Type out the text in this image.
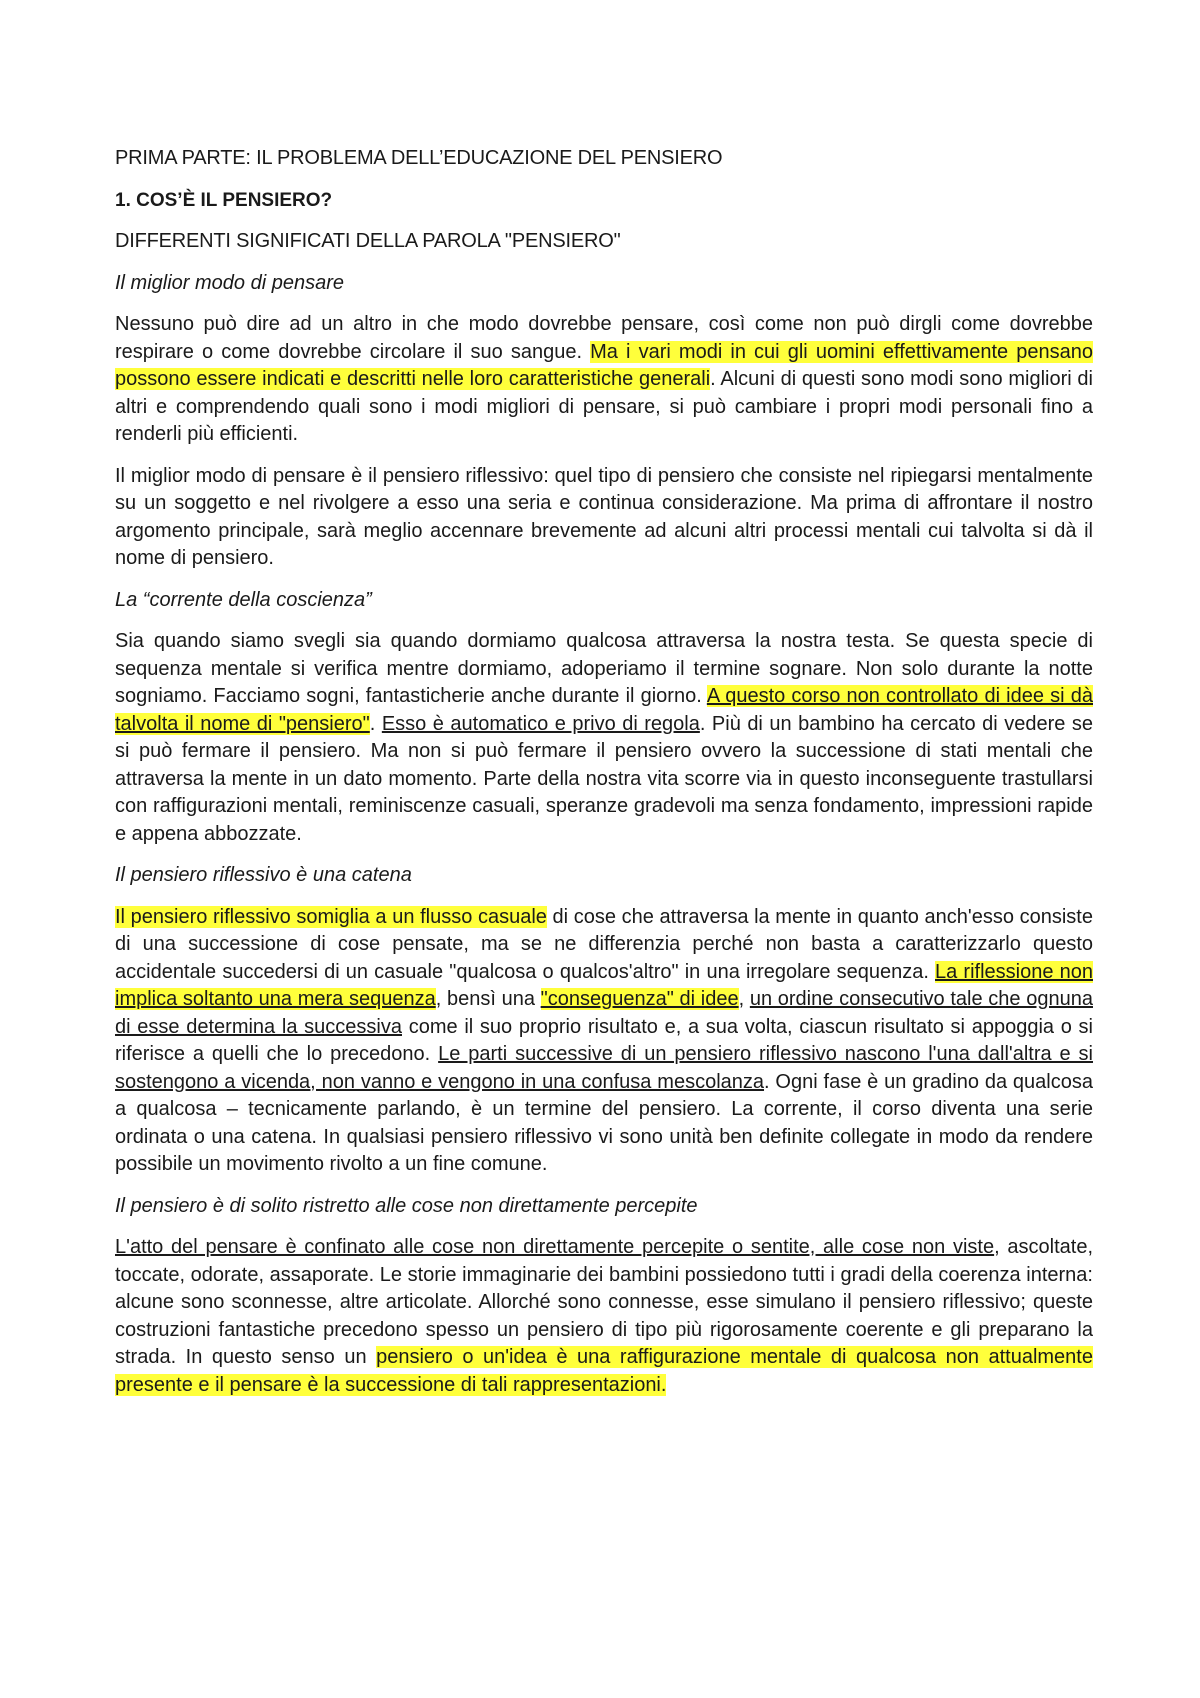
PRIMA PARTE: IL PROBLEMA DELL’EDUCAZIONE DEL PENSIERO
1. COS’È IL PENSIERO?
DIFFERENTI SIGNIFICATI DELLA PAROLA "PENSIERO"
Il miglior modo di pensare

Nessuno può dire ad un altro in che modo dovrebbe pensare, così come non può dirgli come dovrebbe respirare o come dovrebbe circolare il suo sangue. Ma i vari modi in cui gli uomini effettivamente pensano possono essere indicati e descritti nelle loro caratteristiche generali. Alcuni di questi sono modi sono migliori di altri e comprendendo quali sono i modi migliori di pensare, si può cambiare i propri modi personali fino a renderli più efficienti.

Il miglior modo di pensare è il pensiero riflessivo: quel tipo di pensiero che consiste nel ripiegarsi mentalmente su un soggetto e nel rivolgere a esso una seria e continua considerazione. Ma prima di affrontare il nostro argomento principale, sarà meglio accennare brevemente ad alcuni altri processi mentali cui talvolta si dà il nome di pensiero.

La “corrente della coscienza”

Sia quando siamo svegli sia quando dormiamo qualcosa attraversa la nostra testa. Se questa specie di sequenza mentale si verifica mentre dormiamo, adoperiamo il termine sognare. Non solo durante la notte sogniamo. Facciamo sogni, fantasticherie anche durante il giorno. A questo corso non controllato di idee si dà talvolta il nome di "pensiero". Esso è automatico e privo di regola. Più di un bambino ha cercato di vedere se si può fermare il pensiero. Ma non si può fermare il pensiero ovvero la successione di stati mentali che attraversa la mente in un dato momento. Parte della nostra vita scorre via in questo inconseguente trastullarsi con raffigurazioni mentali, reminiscenze casuali, speranze gradevoli ma senza fondamento, impressioni rapide e appena abbozzate.

Il pensiero riflessivo è una catena

Il pensiero riflessivo somiglia a un flusso casuale di cose che attraversa la mente in quanto anch'esso consiste di una successione di cose pensate, ma se ne differenzia perché non basta a caratterizzarlo questo accidentale succedersi di un casuale "qualcosa o qualcos'altro" in una irregolare sequenza. La riflessione non implica soltanto una mera sequenza, bensì una "conseguenza" di idee, un ordine consecutivo tale che ognuna di esse determina la successiva come il suo proprio risultato e, a sua volta, ciascun risultato si appoggia o si riferisce a quelli che lo precedono. Le parti successive di un pensiero riflessivo nascono l'una dall'altra e si sostengono a vicenda, non vanno e vengono in una confusa mescolanza. Ogni fase è un gradino da qualcosa a qualcosa – tecnicamente parlando, è un termine del pensiero. La corrente, il corso diventa una serie ordinata o una catena. In qualsiasi pensiero riflessivo vi sono unità ben definite collegate in modo da rendere possibile un movimento rivolto a un fine comune.

Il pensiero è di solito ristretto alle cose non direttamente percepite

L'atto del pensare è confinato alle cose non direttamente percepite o sentite, alle cose non viste, ascoltate, toccate, odorate, assaporate. Le storie immaginarie dei bambini possiedono tutti i gradi della coerenza interna: alcune sono sconnesse, altre articolate. Allorché sono connesse, esse simulano il pensiero riflessivo; queste costruzioni fantastiche precedono spesso un pensiero di tipo più rigorosamente coerente e gli preparano la strada. In questo senso un pensiero o un'idea è una raffigurazione mentale di qualcosa non attualmente presente e il pensare è la successione di tali rappresentazioni.
